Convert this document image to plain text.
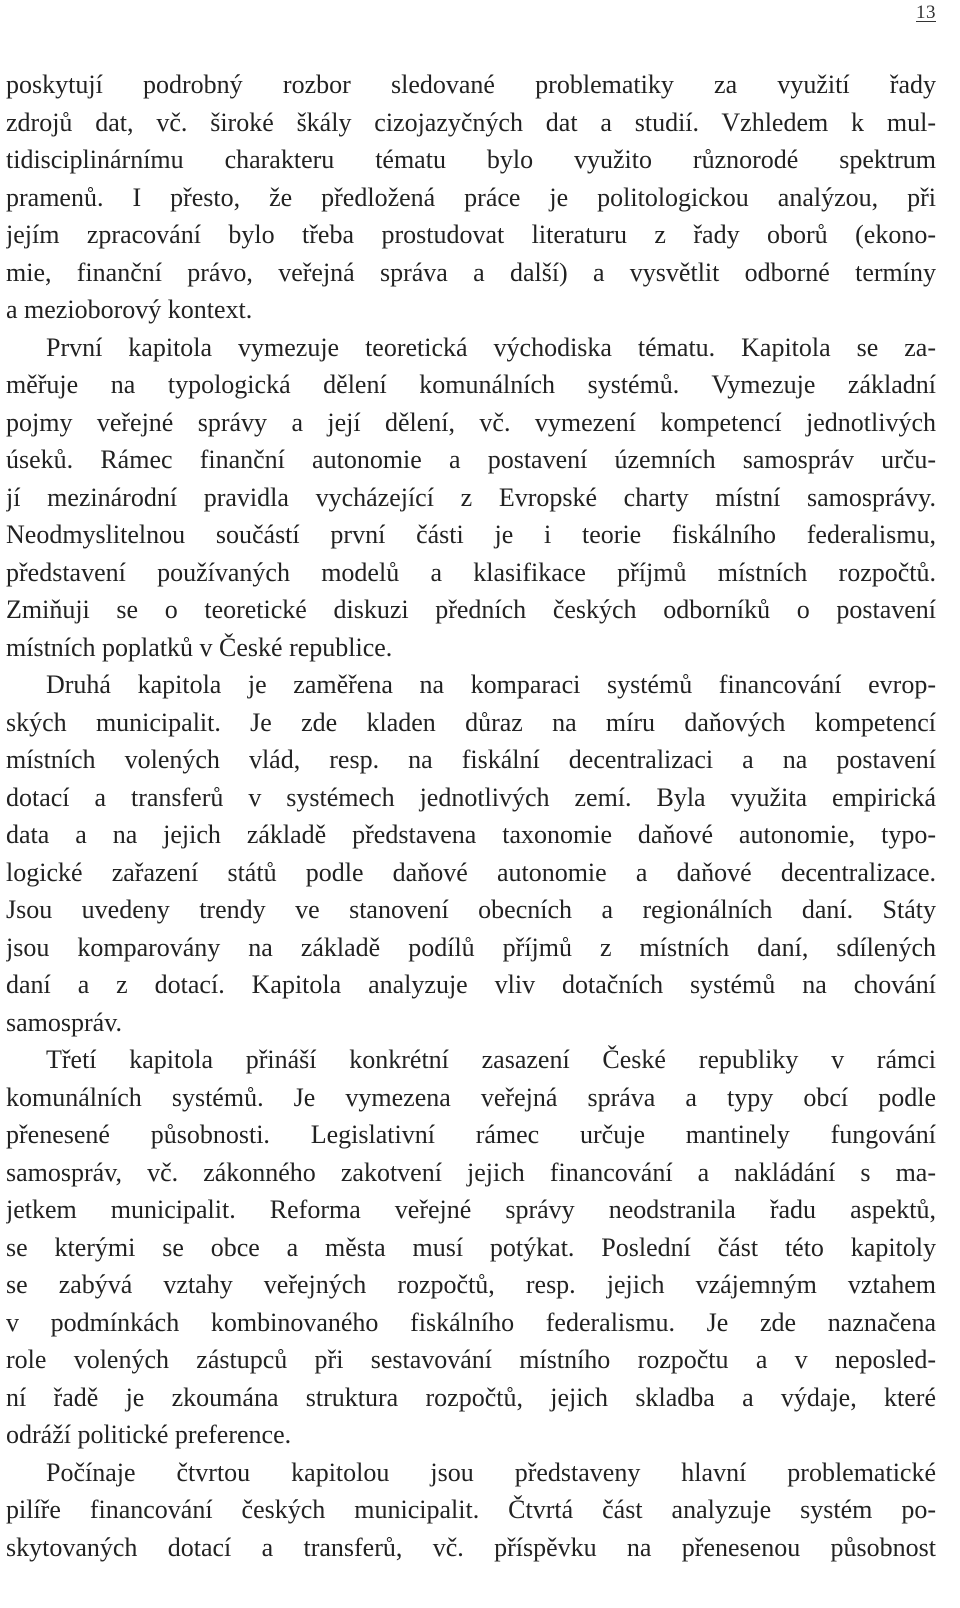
13
poskytují podrobný rozbor sledované problematiky za využití řady
zdrojů dat, vč. široké škály cizojazyčných dat a studií. Vzhledem k mul-
tidisciplinárnímu charakteru tématu bylo využito různorodé spektrum
pramenů. I přesto, že předložená práce je politologickou analýzou, při
jejím zpracování bylo třeba prostudovat literaturu z řady oborů (ekono-
mie, finanční právo, veřejná správa a další) a vysvětlit odborné termíny
a mezioborový kontext.
První kapitola vymezuje teoretická východiska tématu. Kapitola se za-
měřuje na typologická dělení komunálních systémů. Vymezuje základní
pojmy veřejné správy a její dělení, vč. vymezení kompetencí jednotlivých
úseků. Rámec finanční autonomie a postavení územních samospráv urču-
jí mezinárodní pravidla vycházející z Evropské charty místní samosprávy.
Neodmyslitelnou součástí první části je i teorie fiskálního federalismu,
představení používaných modelů a klasifikace příjmů místních rozpočtů.
Zmiňuji se o teoretické diskuzi předních českých odborníků o postavení
místních poplatků v České republice.
Druhá kapitola je zaměřena na komparaci systémů financování evrop-
ských municipalit. Je zde kladen důraz na míru daňových kompetencí
místních volených vlád, resp. na fiskální decentralizaci a na postavení
dotací a transferů v systémech jednotlivých zemí. Byla využita empirická
data a na jejich základě představena taxonomie daňové autonomie, typo-
logické zařazení států podle daňové autonomie a daňové decentralizace.
Jsou uvedeny trendy ve stanovení obecních a regionálních daní. Státy
jsou komparovány na základě podílů příjmů z místních daní, sdílených
daní a z dotací. Kapitola analyzuje vliv dotačních systémů na chování
samospráv.
Třetí kapitola přináší konkrétní zasazení České republiky v rámci
komunálních systémů. Je vymezena veřejná správa a typy obcí podle
přenesené působnosti. Legislativní rámec určuje mantinely fungování
samospráv, vč. zákonného zakotvení jejich financování a nakládání s ma-
jetkem municipalit. Reforma veřejné správy neodstranila řadu aspektů,
se kterými se obce a města musí potýkat. Poslední část této kapitoly
se zabývá vztahy veřejných rozpočtů, resp. jejich vzájemným vztahem
v podmínkách kombinovaného fiskálního federalismu. Je zde naznačena
role volených zástupců při sestavování místního rozpočtu a v neposled-
ní řadě je zkoumána struktura rozpočtů, jejich skladba a výdaje, které
odráží politické preference.
Počínaje čtvrtou kapitolou jsou představeny hlavní problematické
pilíře financování českých municipalit. Čtvrtá část analyzuje systém po-
skytovaných dotací a transferů, vč. příspěvku na přenesenou působnost
